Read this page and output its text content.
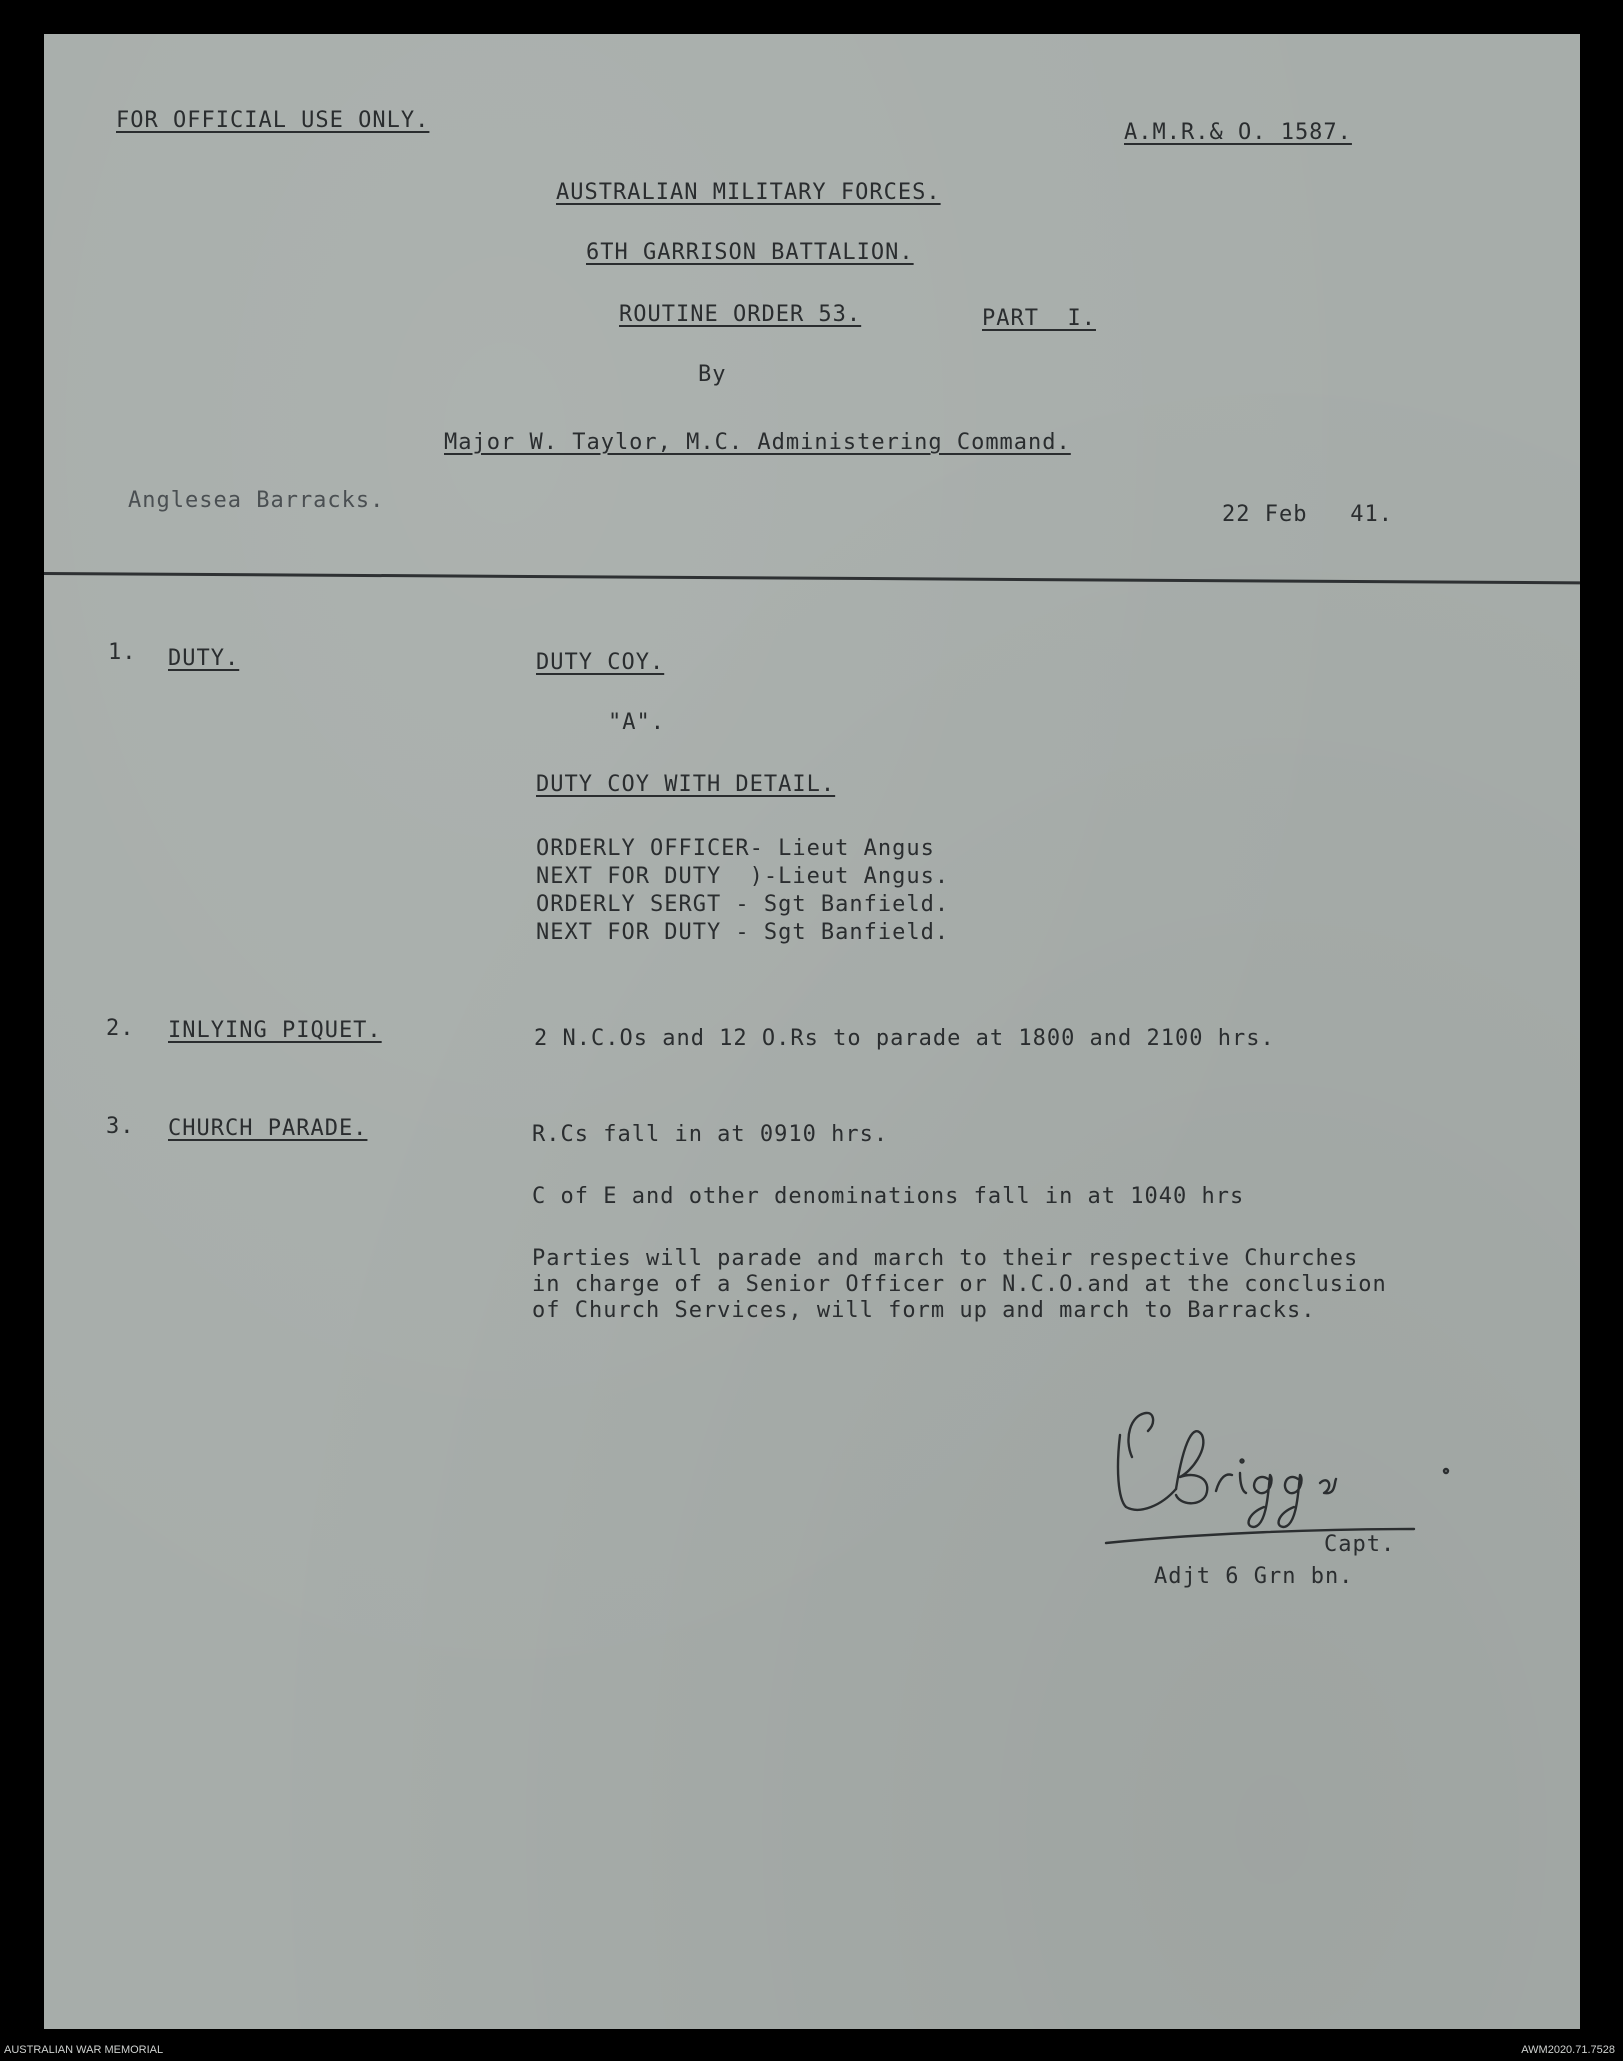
FOR OFFICIAL USE ONLY.	A.M.R.& O. 1587.
AUSTRALIAN MILITARY FORCES.
6TH GARRISON BATTALION.
ROUTINE ORDER 53.	PART  I.
By
Major W. Taylor, M.C. Administering Command.
Anglesea Barracks.
22 Feb   41.
1. DUTY.	DUTY COY.
"A".
DUTY COY WITH DETAIL.
ORDERLY OFFICER- Lieut Angus
NEXT FOR DUTY  )-Lieut Angus.
ORDERLY SERGT - Sgt Banfield.
NEXT FOR DUTY - Sgt Banfield.
2. INLYING PIQUET.	2 N.C.Os and 12 O.Rs to parade at 1800 and 2100 hrs.
3. CHURCH PARADE.	R.Cs fall in at 0910 hrs.
C of E and other denominations fall in at 1040 hrs
Parties will parade and march to their respective Churches
in charge of a Senior Officer or N.C.O.and at the conclusion
of Church Services, will form up and march to Barracks.
Capt.
Adjt 6 Grn bn.
AUSTRALIAN WAR MEMORIAL	AWM2020.71.7528
